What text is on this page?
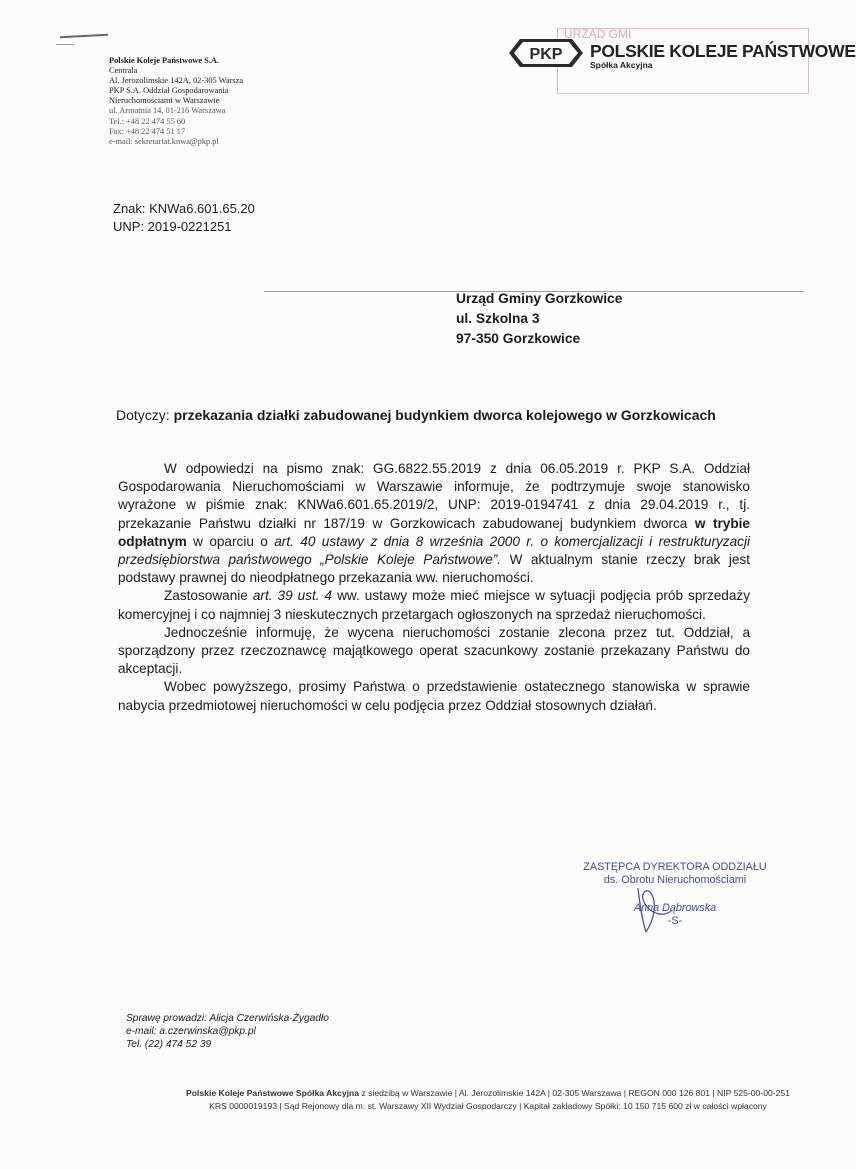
Polskie Koleje Państwowe S.A.
Centrala
Al. Jerozolimskie 142A, 02-305 Warsza
PKP S.A. Oddział Gospodarowania
Nieruchomościami w Warszawie
ul. Armatnia 14, 01-216 Warszawa
Tel.: +48 22 474 55 60
Fax: +48 22 474 51 17
e-mail: sekretariat.knwa@pkp.pl
URZĄD GMI
PKP POLSKIE KOLEJE PAŃSTWOWE
Spółka Akcyjna
Znak: KNWa6.601.65.20
UNP: 2019-0221251
Urząd Gminy Gorzkowice
ul. Szkolna 3
97-350 Gorzkowice
Dotyczy: przekazania działki zabudowanej budynkiem dworca kolejowego w Gorzkowicach

W odpowiedzi na pismo znak: GG.6822.55.2019 z dnia 06.05.2019 r. PKP S.A. Oddział Gospodarowania Nieruchomościami w Warszawie informuje, że podtrzymuje swoje stanowisko wyrażone w piśmie znak: KNWa6.601.65.2019/2, UNP: 2019-0194741 z dnia 29.04.2019 r., tj. przekazanie Państwu działki nr 187/19 w Gorzkowicach zabudowanej budynkiem dworca w trybie odpłatnym w oparciu o art. 40 ustawy z dnia 8 września 2000 r. o komercjalizacji i restrukturyzacji przedsiębiorstwa państwowego „Polskie Koleje Państwowe”. W aktualnym stanie rzeczy brak jest podstawy prawnej do nieodpłatnego przekazania ww. nieruchomości.

Zastosowanie art. 39 ust. 4 ww. ustawy może mieć miejsce w sytuacji podjęcia prób sprzedaży komercyjnej i co najmniej 3 nieskutecznych przetargach ogłoszonych na sprzedaż nieruchomości.

Jednocześnie informuję, że wycena nieruchomości zostanie zlecona przez tut. Oddział, a sporządzony przez rzeczoznawcę majątkowego operat szacunkowy zostanie przekazany Państwu do akceptacji.

Wobec powyższego, prosimy Państwa o przedstawienie ostatecznego stanowiska w sprawie nabycia przedmiotowej nieruchomości w celu podjęcia przez Oddział stosownych działań.

ZASTĘPCA DYREKTORA ODDZIAŁU
ds. Obrotu Nieruchomościami
Anna Dąbrowska
-S-
Sprawę prowadzi: Alicja Czerwińska-Żygadło
e-mail: a.czerwinska@pkp.pl
Tel. (22) 474 52 39
Polskie Koleje Państwowe Spółka Akcyjna z siedzibą w Warszawie | Al. Jerozolimskie 142A | 02-305 Warszawa | REGON 000 126 801 | NIP 525-00-00-251
KRS 0000019193 | Sąd Rejonowy dla m. st. Warszawy XII Wydział Gospodarczy | Kapitał zakładowy Spółki: 10 150 715 600 zł w całości wpłacony
